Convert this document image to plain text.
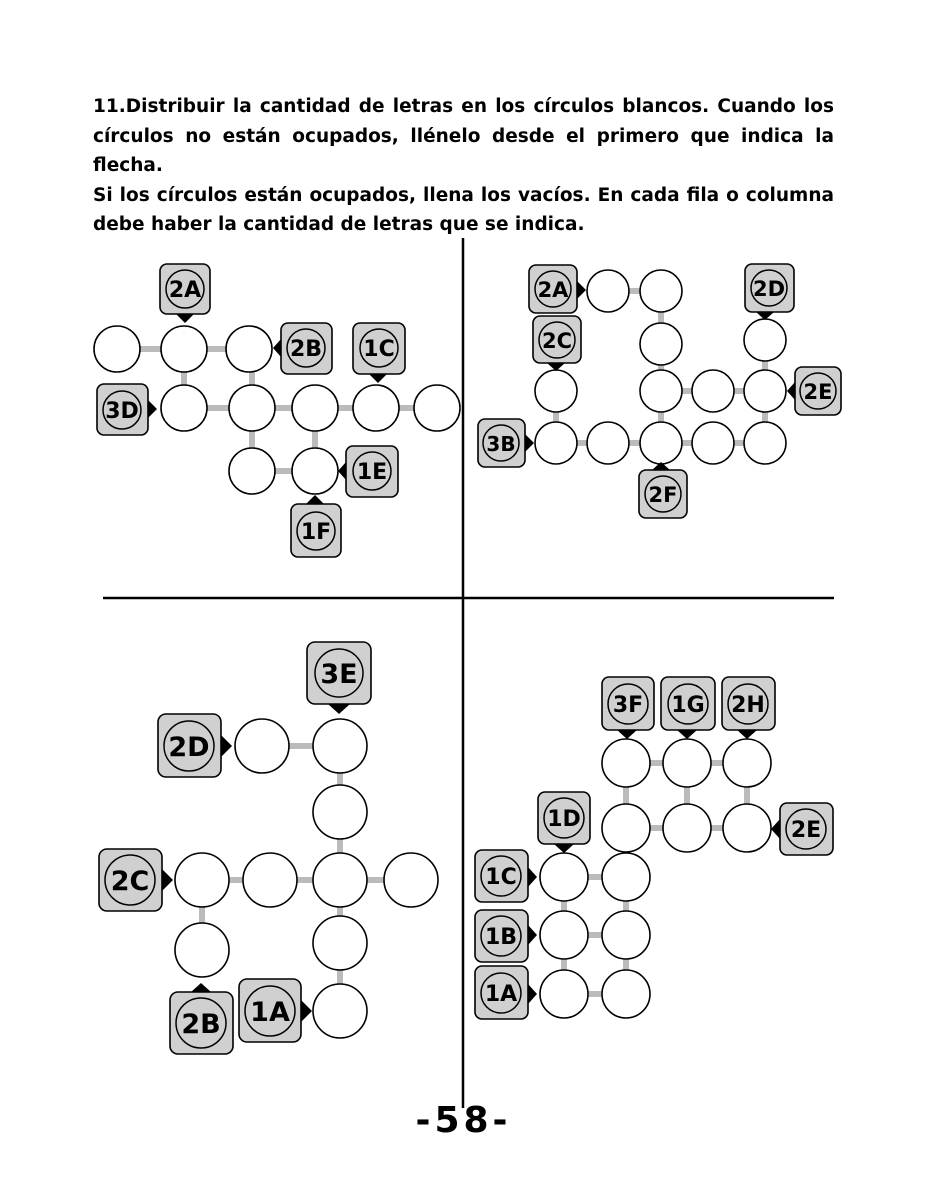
11.Distribuir la cantidad de letras en los círculos blancos. Cuando los círculos no están ocupados, llénelo desde el primero que indica la flecha.

Si los círculos están ocupados, llena los vacíos. En cada fila o columna debe haber la cantidad de letras que se indica.

2A
2B 1C
3D
1E
1F
2A	2D
2C
2E
3B
2F
3E
2D
2C
2B 1A
3F 1G 2H
1D	2E
1C
1B
1A
-58-
